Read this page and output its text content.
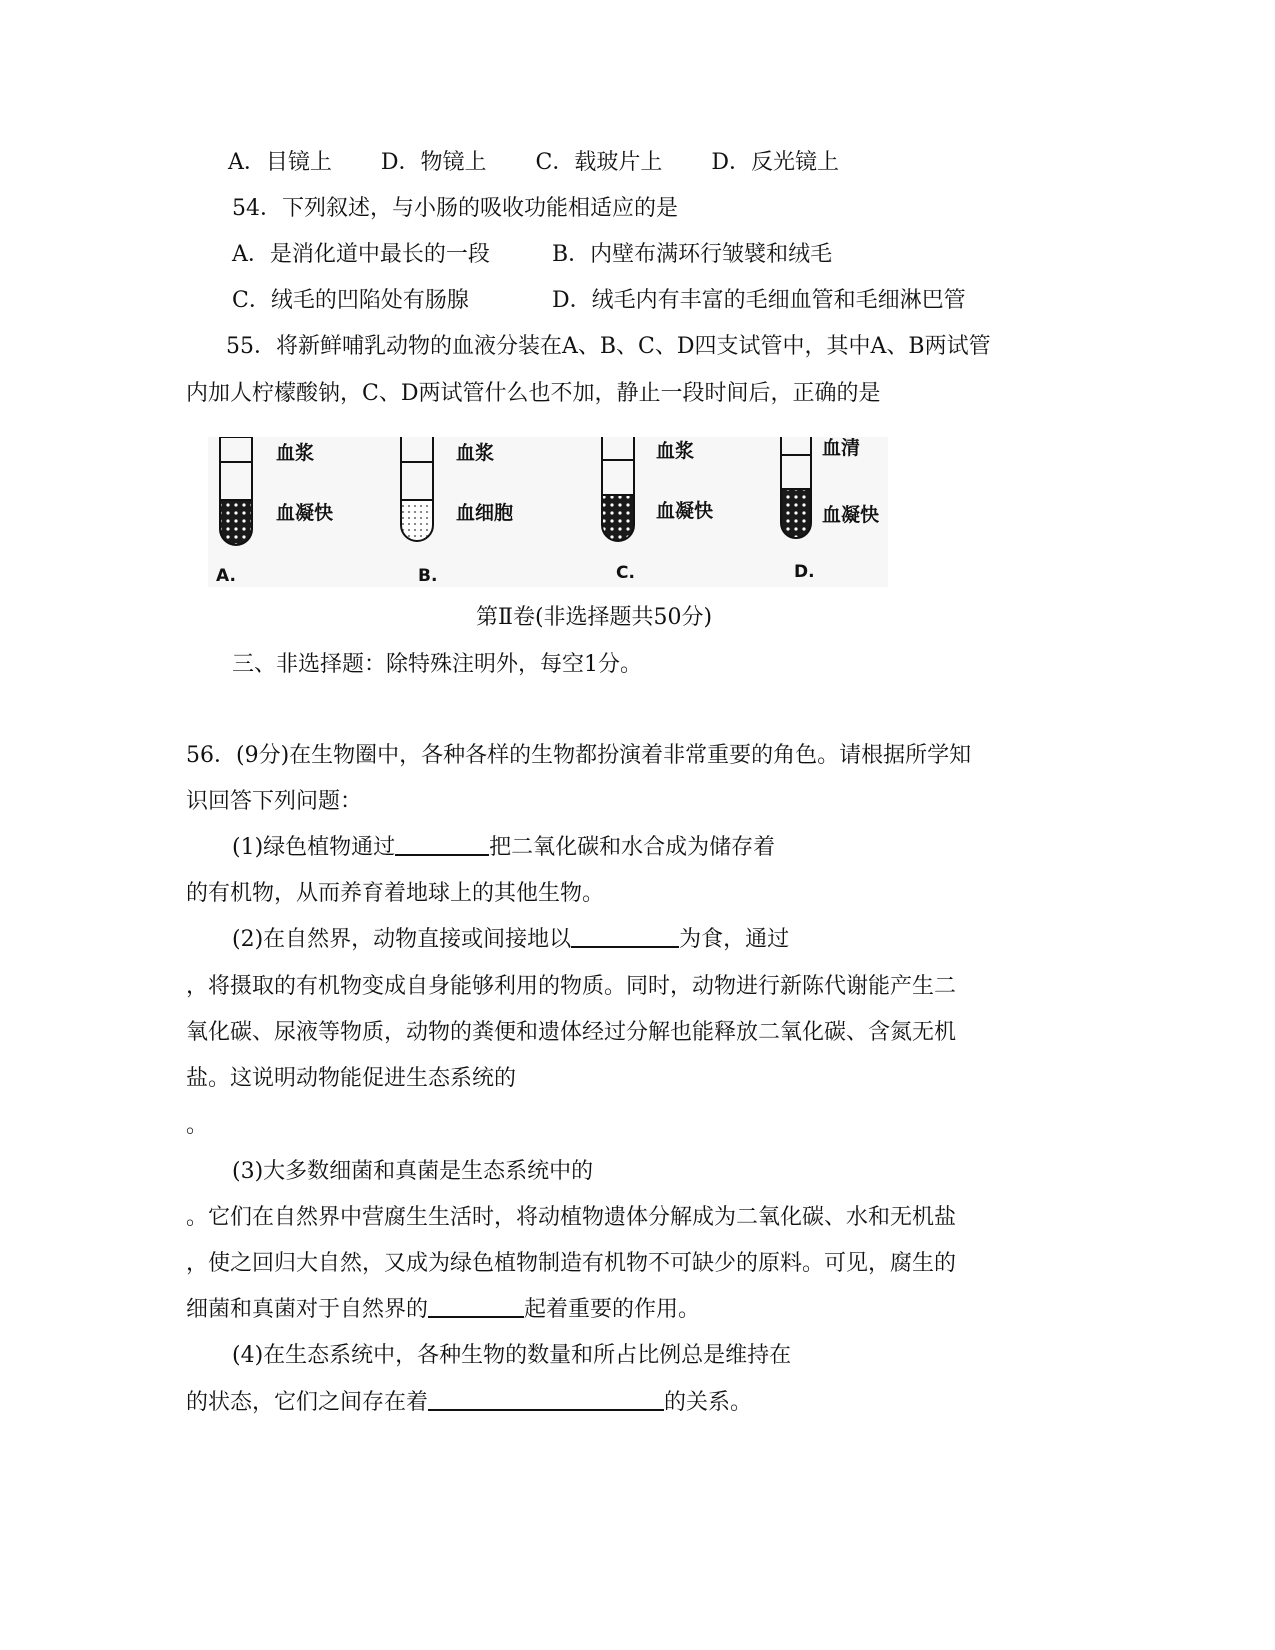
A．目镜上 D．物镜上 C．载玻片上 D．反光镜上
54．下列叙述，与小肠的吸收功能相适应的是
A．是消化道中最长的一段	B．内壁布满环行皱襞和绒毛
C．绒毛的凹陷处有肠腺	D．绒毛内有丰富的毛细血管和毛细淋巴管
55．将新鲜哺乳动物的血液分装在A、B、C、D四支试管中，其中A、B两试管
内加人柠檬酸钠，C、D两试管什么也不加，静止一段时间后，正确的是
血浆
血凝快
A.
血浆
血细胞
B.
血浆
血凝快
C.
血清
血凝快
D.
第Ⅱ卷(非选择题共50分)
三、非选择题：除特殊注明外，每空1分。
56．(9分)在生物圈中，各种各样的生物都扮演着非常重要的角色。请根据所学知
识回答下列问题：
(1)绿色植物通过	把二氧化碳和水合成为储存着
的有机物，从而养育着地球上的其他生物。
(2)在自然界，动物直接或间接地以	为食，通过
，将摄取的有机物变成自身能够利用的物质。同时，动物进行新陈代谢能产生二
氧化碳、尿液等物质，动物的粪便和遗体经过分解也能释放二氧化碳、含氮无机
盐。这说明动物能促进生态系统的
。
(3)大多数细菌和真菌是生态系统中的
。它们在自然界中营腐生生活时，将动植物遗体分解成为二氧化碳、水和无机盐
，使之回归大自然，又成为绿色植物制造有机物不可缺少的原料。可见，腐生的
细菌和真菌对于自然界的	起着重要的作用。
(4)在生态系统中，各种生物的数量和所占比例总是维持在
的状态，它们之间存在着	的关系。
